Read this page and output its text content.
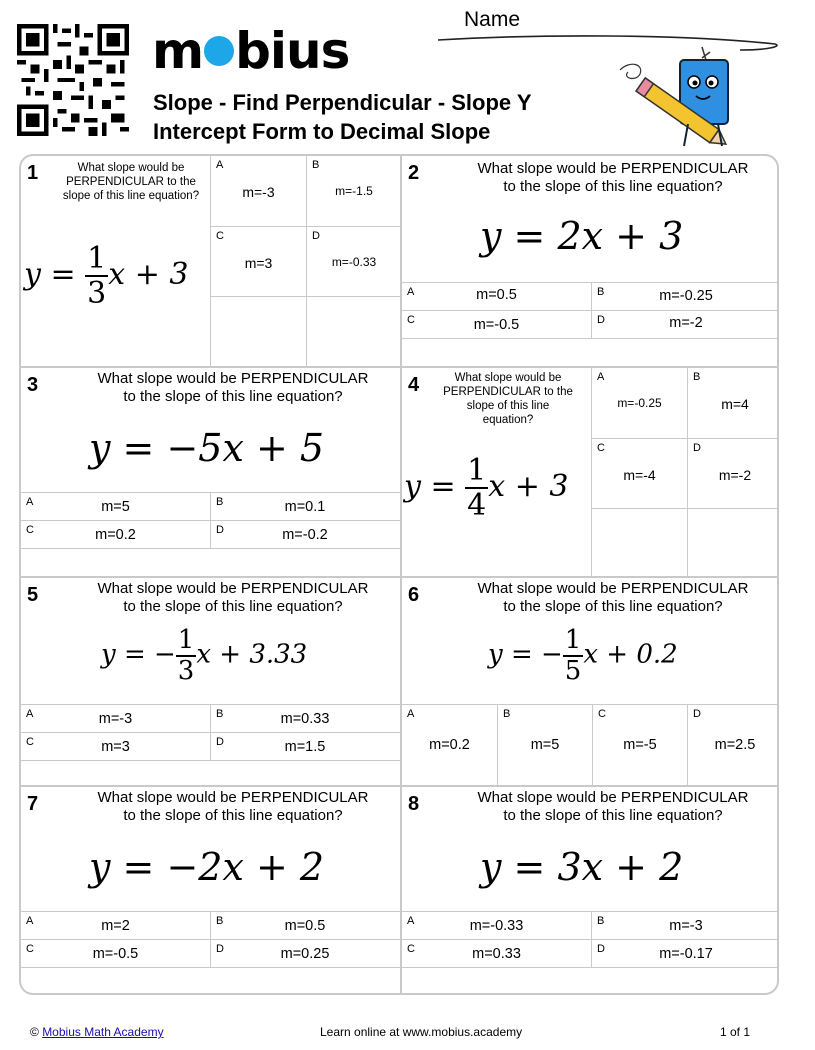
m bius
Slope - Find Perpendicular - Slope Y Intercept Form to Decimal Slope
Name
1	What slope would be PERPENDICULAR to the slope of this line equation?
$y = \frac{1}{3}$ x + 3
A
m=-3
B
m=-1.5
C
m=3
D
m=-0.33
2	What slope would be PERPENDICULAR to the slope of this line equation?
y = 2x + 3
A	m=0.5	B	m=-0.25
C	m=-0.5	D	m=-2
3	What slope would be PERPENDICULAR to the slope of this line equation?
y = −5x + 5
A	m=5	B	m=0.1
C	m=0.2	D	m=-0.2
4	What slope would be PERPENDICULAR to the slope of this line equation?
$y = \frac{1}{4}$ x + 3
A
m=-0.25
B
m=4
C
m=-4
D
m=-2
5	What slope would be PERPENDICULAR to the slope of this line equation?
y = − $\frac{1}{3}$ x + 3.33
A	m=-3	B	m=0.33
C	m=3	D	m=1.5
6	What slope would be PERPENDICULAR to the slope of this line equation?
y = − $\frac{1}{5}$ x + 0.2
A
m=0.2
B
m=5
C
m=-5
D
m=2.5
7	What slope would be PERPENDICULAR to the slope of this line equation?
y = −2x + 2
A	m=2	B	m=0.5
C	m=-0.5	D	m=0.25
8	What slope would be PERPENDICULAR to the slope of this line equation?
y = 3x + 2
A	m=-0.33	B	m=-3
C	m=0.33	D	m=-0.17
© Mobius Math Academy	Learn online at www.mobius.academy	1 of 1
